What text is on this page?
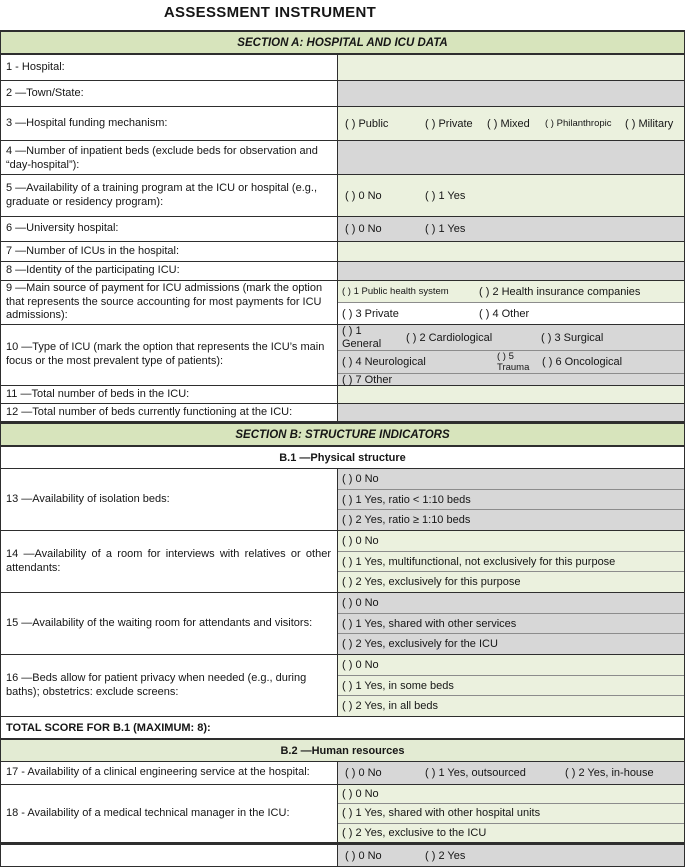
ASSESSMENT INSTRUMENT
SECTION A: HOSPITAL AND ICU DATA
1 - Hospital:
2 —Town/State:
3 —Hospital funding mechanism:	( ) Public	( ) Private	( ) Mixed	( ) Philanthropic	( ) Military
4 —Number of inpatient beds (exclude beds for observation and “day-hospital”):
5 —Availability of a training program at the ICU or hospital (e.g., graduate or residency program):	( ) 0 No	( ) 1 Yes
6 —University hospital:	( ) 0 No	( ) 1 Yes
7 —Number of ICUs in the hospital:
8 —Identity of the participating ICU:
9 —Main source of payment for ICU admissions (mark the option that represents the source accounting for most payments for ICU admissions):
( ) 1 Public health system	( ) 2 Health insurance companies
( ) 3 Private	( ) 4 Other
10 —Type of ICU (mark the option that represents the ICU’s main focus or the most prevalent type of patients):
( ) 1 General	( ) 2 Cardiological	( ) 3 Surgical
( ) 4 Neurological	( ) 5 Trauma	( ) 6 Oncological
( ) 7 Other
11 —Total number of beds in the ICU:
12 —Total number of beds currently functioning at the ICU:
SECTION B: STRUCTURE INDICATORS
B.1 —Physical structure
13 —Availability of isolation beds:
( ) 0 No
( ) 1 Yes, ratio < 1:10 beds
( ) 2 Yes, ratio ≥ 1:10 beds
14 —Availability of a room for interviews with relatives or other attendants:
( ) 0 No
( ) 1 Yes, multifunctional, not exclusively for this purpose
( ) 2 Yes, exclusively for this purpose
15 —Availability of the waiting room for attendants and visitors:
( ) 0 No
( ) 1 Yes, shared with other services
( ) 2 Yes, exclusively for the ICU
16 —Beds allow for patient privacy when needed (e.g., during baths); obstetrics: exclude screens:
( ) 0 No
( ) 1 Yes, in some beds
( ) 2 Yes, in all beds
TOTAL SCORE FOR B.1 (MAXIMUM: 8):
B.2 —Human resources
17 - Availability of a clinical engineering service at the hospital:	( ) 0 No	( ) 1 Yes, outsourced	( ) 2 Yes, in-house
18 - Availability of a medical technical manager in the ICU:
( ) 0 No
( ) 1 Yes, shared with other hospital units
( ) 2 Yes, exclusive to the ICU
( ) 0 No	( ) 2 Yes
